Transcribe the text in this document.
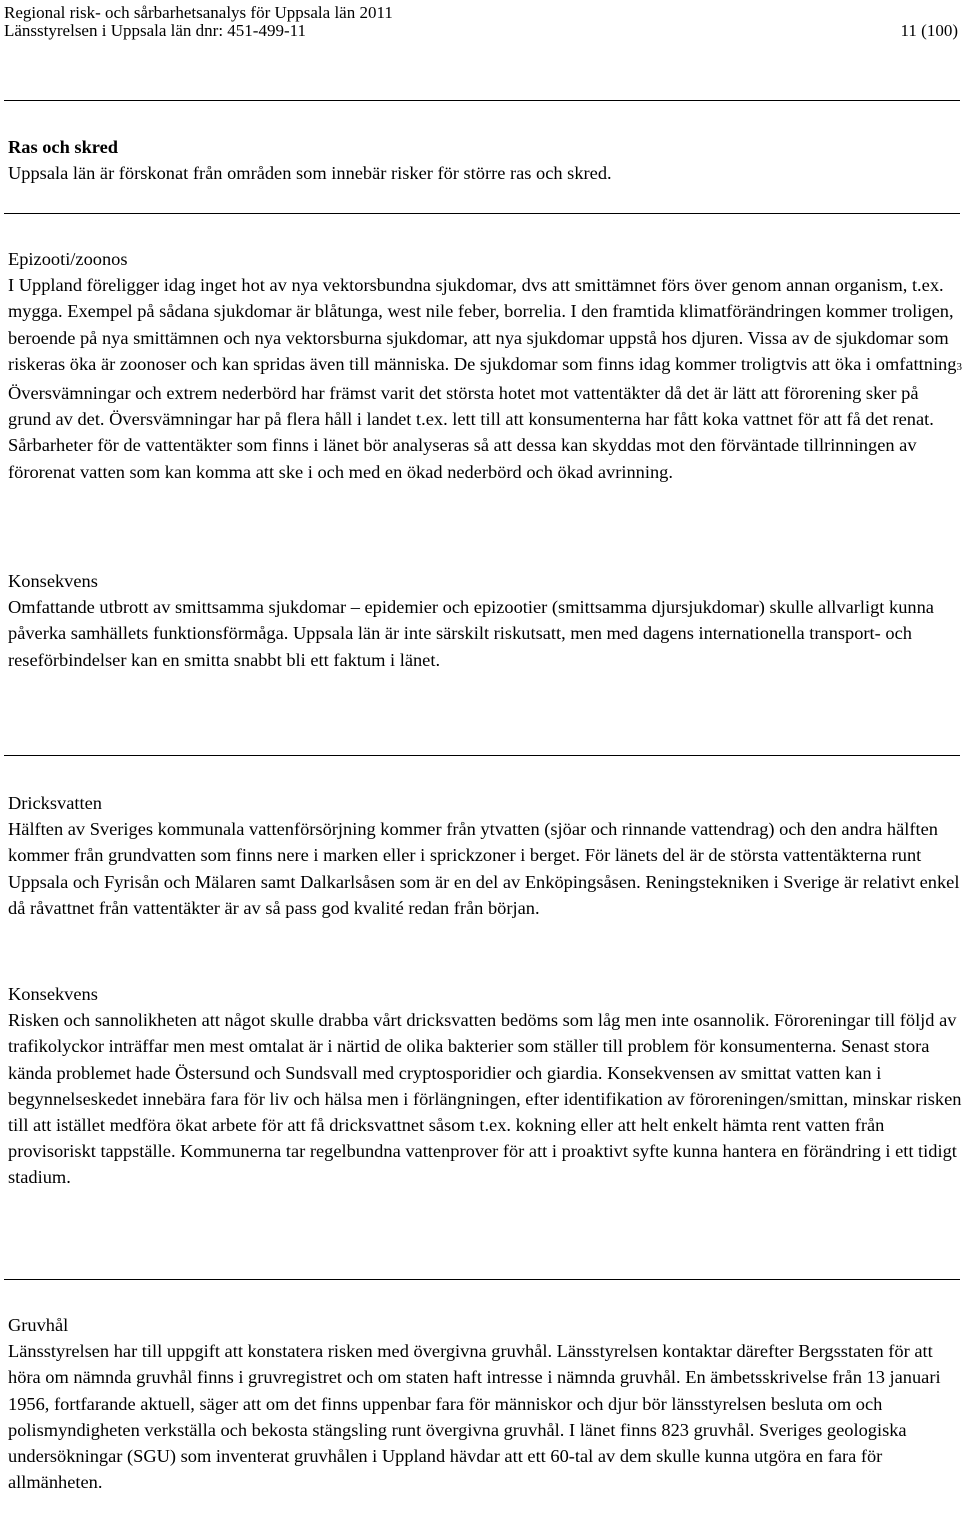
Regional risk- och sårbarhetsanalys för Uppsala län 2011
Länsstyrelsen i Uppsala län dnr: 451-499-11	11 (100)

Ras och skred

Uppsala län är förskonat från områden som innebär risker för större ras och skred.

Epizooti/zoonos

I Uppland föreligger idag inget hot av nya vektorsbundna sjukdomar, dvs att smittämnet förs över genom annan organism, t.ex. mygga. Exempel på sådana sjukdomar är blåtunga, west nile feber, borrelia. I den framtida klimatförändringen kommer troligen, beroende på nya smittämnen och nya vektorsburna sjukdomar, att nya sjukdomar uppstå hos djuren. Vissa av de sjukdomar som riskeras öka är zoonoser och kan spridas även till människa. De sjukdomar som finns idag kommer troligtvis att öka i omfattning3 Översvämningar och extrem nederbörd har främst varit det största hotet mot vattentäkter då det är lätt att förorening sker på grund av det. Översvämningar har på flera håll i landet t.ex. lett till att konsumenterna har fått koka vattnet för att få det renat. Sårbarheter för de vattentäkter som finns i länet bör analyseras så att dessa kan skyddas mot den förväntade tillrinningen av förorenat vatten som kan komma att ske i och med en ökad nederbörd och ökad avrinning.

Konsekvens

Omfattande utbrott av smittsamma sjukdomar – epidemier och epizootier (smittsamma djursjukdomar) skulle allvarligt kunna påverka samhällets funktionsförmåga. Uppsala län är inte särskilt riskutsatt, men med dagens internationella transport- och reseförbindelser kan en smitta snabbt bli ett faktum i länet.

Dricksvatten

Hälften av Sveriges kommunala vattenförsörjning kommer från ytvatten (sjöar och rinnande vattendrag) och den andra hälften kommer från grundvatten som finns nere i marken eller i sprickzoner i berget. För länets del är de största vattentäkterna runt Uppsala och Fyrisån och Mälaren samt Dalkarlsåsen som är en del av Enköpingsåsen. Reningstekniken i Sverige är relativt enkel då råvattnet från vattentäkter är av så pass god kvalité redan från början.

Konsekvens

Risken och sannolikheten att något skulle drabba vårt dricksvatten bedöms som låg men inte osannolik. Föroreningar till följd av trafikolyckor inträffar men mest omtalat är i närtid de olika bakterier som ställer till problem för konsumenterna. Senast stora kända problemet hade Östersund och Sundsvall med cryptosporidier och giardia. Konsekvensen av smittat vatten kan i begynnelseskedet innebära fara för liv och hälsa men i förlängningen, efter identifikation av föroreningen/smittan, minskar risken till att istället medföra ökat arbete för att få dricksvattnet såsom t.ex. kokning eller att helt enkelt hämta rent vatten från provisoriskt tappställe. Kommunerna tar regelbundna vattenprover för att i proaktivt syfte kunna hantera en förändring i ett tidigt stadium.

Gruvhål

Länsstyrelsen har till uppgift att konstatera risken med övergivna gruvhål. Länsstyrelsen kontaktar därefter Bergsstaten för att höra om nämnda gruvhål finns i gruvregistret och om staten haft intresse i nämnda gruvhål. En ämbetsskrivelse från 13 januari 1956, fortfarande aktuell, säger att om det finns uppenbar fara för människor och djur bör länsstyrelsen besluta om och polismyndigheten verkställa och bekosta stängsling runt övergivna gruvhål. I länet finns 823 gruvhål. Sveriges geologiska undersökningar (SGU) som inventerat gruvhålen i Uppland hävdar att ett 60-tal av dem skulle kunna utgöra en fara för allmänheten.
